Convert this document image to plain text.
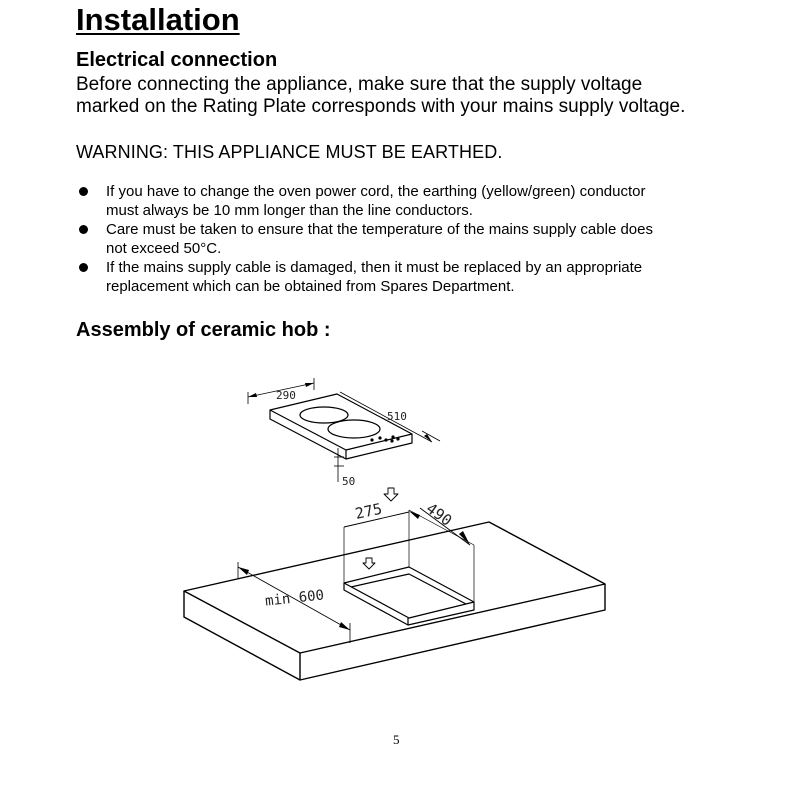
Installation
Electrical connection
Before connecting the appliance, make sure that the supply voltage
marked on the Rating Plate corresponds with your mains supply voltage.
WARNING: THIS APPLIANCE MUST BE EARTHED.
If you have to change the oven power cord, the earthing (yellow/green) conductor
must always be 10 mm longer than the line conductors.
Care must be taken to ensure that the temperature of the mains supply cable does
not exceed 50°C.
If the mains supply cable is damaged, then it must be replaced by an appropriate
replacement which can be obtained from Spares Department.
Assembly of ceramic hob :
290
510
50
275	490
min 600
5
